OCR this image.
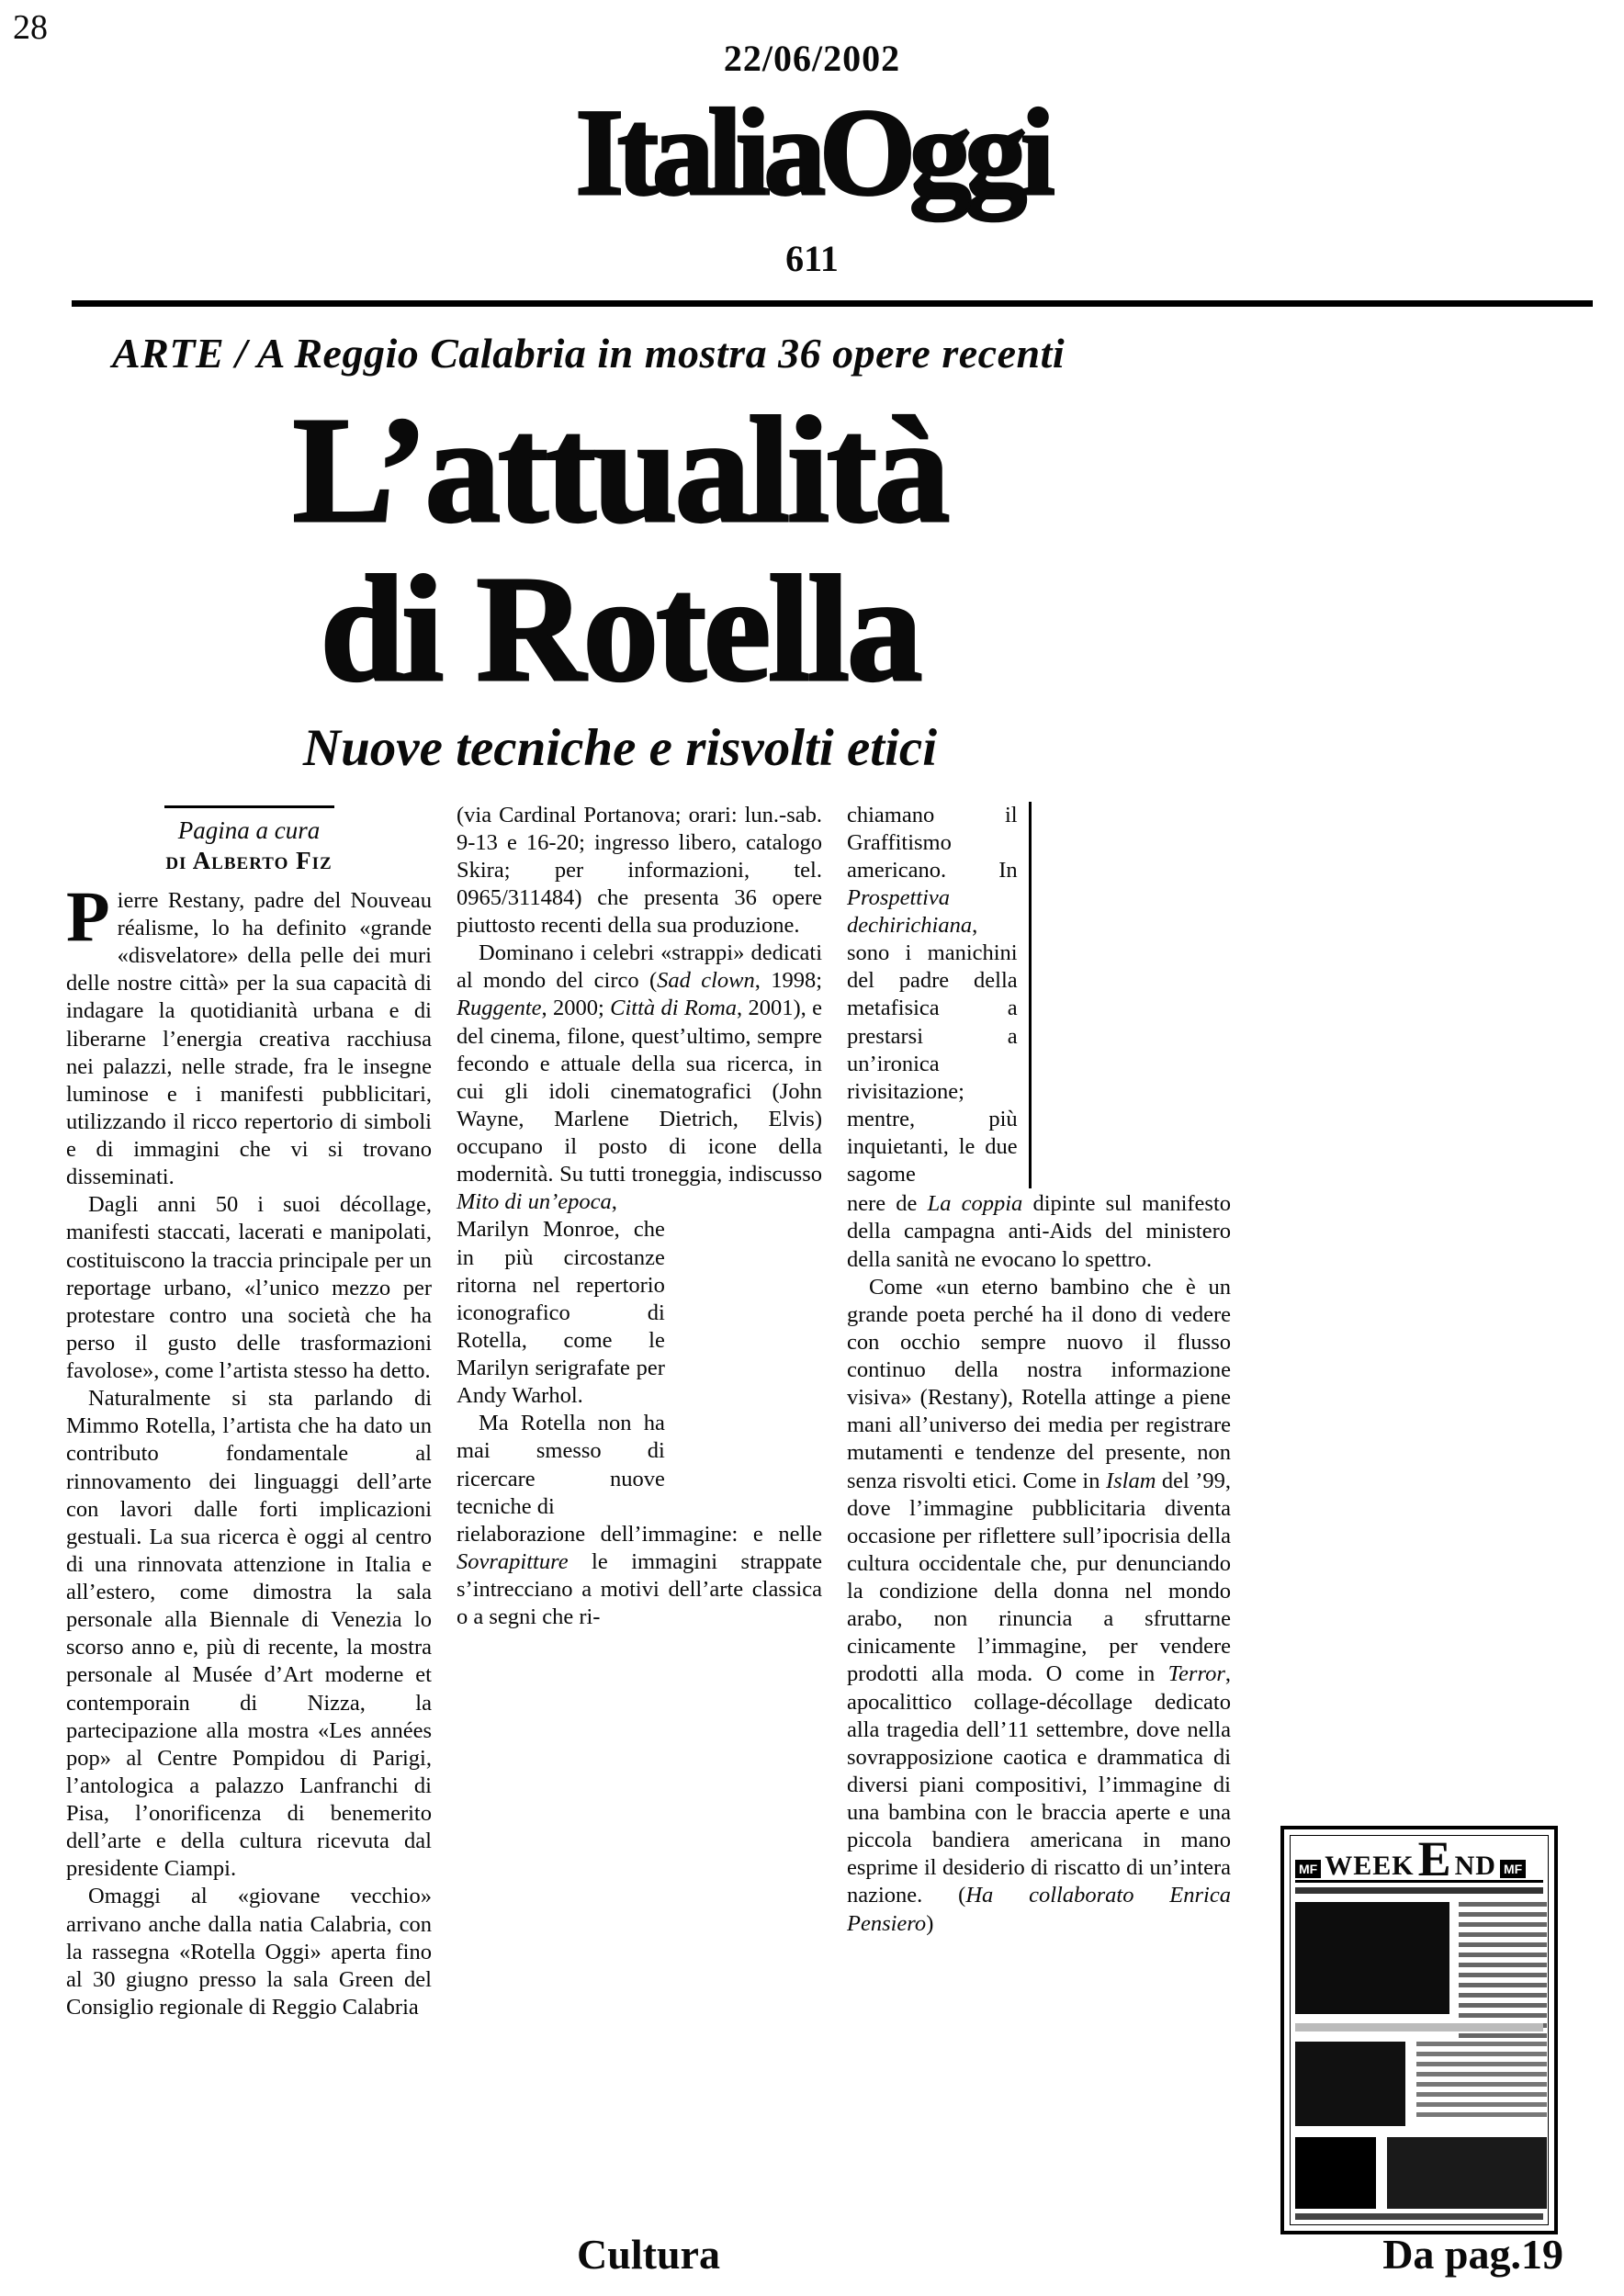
28
22/06/2002
ItaliaOggi
611
ARTE / A Reggio Calabria in mostra 36 opere recenti
L’attualità
di Rotella
Nuove tecniche e risvolti etici
Pagina a cura
di Alberto Fiz

Pierre Restany, padre del Nouveau réalisme, lo ha definito «grande «disvelatore» della pelle dei muri delle nostre città» per la sua capacità di indagare la quotidianità urbana e di liberarne l’energia creativa racchiusa nei palazzi, nelle strade, fra le insegne luminose e i manifesti pubblicitari, utilizzando il ricco repertorio di simboli e di immagini che vi si trovano disseminati.

Dagli anni 50 i suoi décollage, manifesti staccati, lacerati e manipolati, costituiscono la traccia principale per un reportage urbano, «l’unico mezzo per protestare contro una società che ha perso il gusto delle trasformazioni favolose», come l’artista stesso ha detto.

Naturalmente si sta parlando di Mimmo Rotella, l’artista che ha dato un contributo fondamentale al rinnovamento dei linguaggi dell’arte con lavori dalle forti implicazioni gestuali. La sua ricerca è oggi al centro di una rinnovata attenzione in Italia e all’estero, come dimostra la sala personale alla Biennale di Venezia lo scorso anno e, più di recente, la mostra personale al Musée d’Art moderne et contemporain di Nizza, la partecipazione alla mostra «Les années pop» al Centre Pompidou di Parigi, l’antologica a palazzo Lanfranchi di Pisa, l’onorificenza di benemerito dell’arte e della cultura ricevuta dal presidente Ciampi.

Omaggi al «giovane vecchio» arrivano anche dalla natia Calabria, con la rassegna «Rotella Oggi» aperta fino al 30 giugno presso la sala Green del Consiglio regionale di Reggio Calabria

(via Cardinal Portanova; orari: lun.-sab. 9-13 e 16-20; ingresso libero, catalogo Skira; per informazioni, tel. 0965/311484) che presenta 36 opere piuttosto recenti della sua produzione.

Dominano i celebri «strappi» dedicati al mondo del circo (Sad clown, 1998; Ruggente, 2000; Città di Roma, 2001), e del cinema, filone, quest’ultimo, sempre fecondo e attuale della sua ricerca, in cui gli idoli cinematografici (John Wayne, Marlene Dietrich, Elvis) occupano il posto di icone della modernità. Su tutti troneggia, indiscusso Mito di un’epoca,

Marilyn Monroe, che in più circostanze ritorna nel repertorio iconografico di Rotella, come le Marilyn serigrafate per Andy Warhol.

Ma Rotella non ha mai smesso di ricercare nuove tecniche di

rielaborazione dell’immagine: e nelle Sovrapitture le immagini strappate s’intrecciano a motivi dell’arte classica o a segni che ri-

chiamano il Graffitismo americano. In Prospettiva dechirichiana, sono i manichini del padre della metafisica a prestarsi a un’ironica rivisitazione; mentre, più inquietanti, le due sagome

nere de La coppia dipinte sul manifesto della campagna anti-Aids del ministero della sanità ne evocano lo spettro.

Come «un eterno bambino che è un grande poeta perché ha il dono di vedere con occhio sempre nuovo il flusso continuo della nostra informazione visiva» (Restany), Rotella attinge a piene mani all’universo dei media per registrare mutamenti e tendenze del presente, non senza risvolti etici. Come in Islam del ’99, dove l’immagine pubblicitaria diventa occasione per riflettere sull’ipocrisia della cultura occidentale che, pur denunciando la condizione della donna nel mondo arabo, non rinuncia a sfruttarne cinicamente l’immagine, per vendere prodotti alla moda. O come in Terror, apocalittico collage-décollage dedicato alla tragedia dell’11 settembre, dove nella sovrapposizione caotica e drammatica di diversi piani compositivi, l’immagine di una bambina con le braccia aperte e una piccola bandiera americana in mano esprime il desiderio di riscatto di un’intera nazione. (Ha collaborato Enrica Pensiero)

MF WEEK E ND MF
Cultura	Da pag.19
